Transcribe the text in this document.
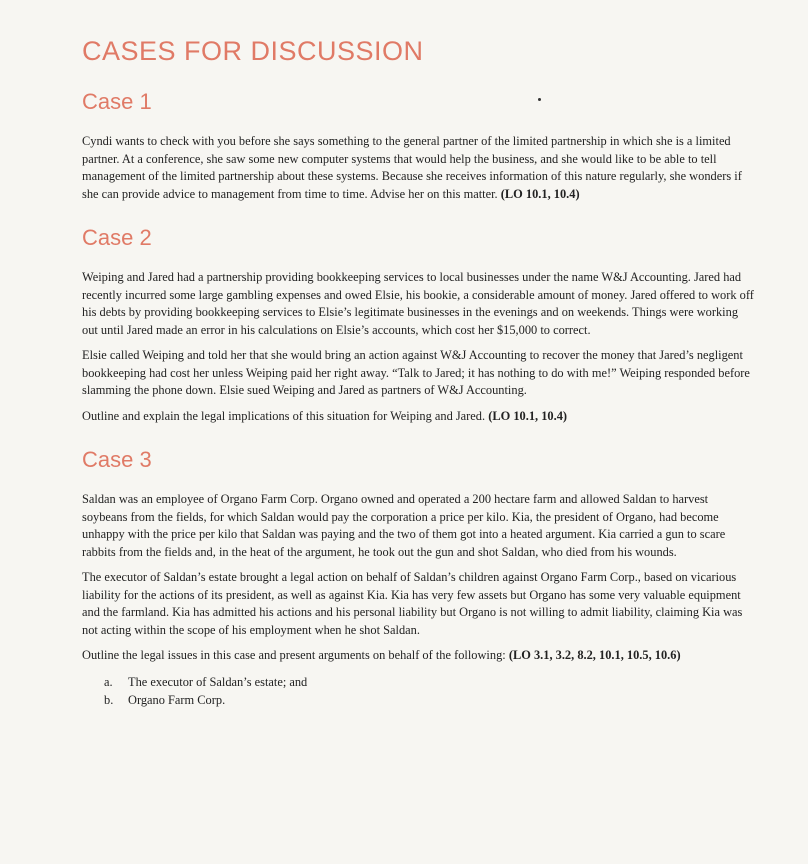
CASES FOR DISCUSSION
Case 1

Cyndi wants to check with you before she says something to the general partner of the limited partnership in which she is a limited partner. At a conference, she saw some new computer systems that would help the business, and she would like to be able to tell management of the limited partnership about these systems. Because she receives information of this nature regularly, she wonders if she can provide advice to management from time to time. Advise her on this matter. (LO 10.1, 10.4)

Case 2

Weiping and Jared had a partnership providing bookkeeping services to local businesses under the name W&J Accounting. Jared had recently incurred some large gambling expenses and owed Elsie, his bookie, a considerable amount of money. Jared offered to work off his debts by providing bookkeeping services to Elsie’s legitimate businesses in the evenings and on weekends. Things were working out until Jared made an error in his calculations on Elsie’s accounts, which cost her $15,000 to correct.

Elsie called Weiping and told her that she would bring an action against W&J Accounting to recover the money that Jared’s negligent bookkeeping had cost her unless Weiping paid her right away. “Talk to Jared; it has nothing to do with me!” Weiping responded before slamming the phone down. Elsie sued Weiping and Jared as partners of W&J Accounting.

Outline and explain the legal implications of this situation for Weiping and Jared. (LO 10.1, 10.4)

Case 3

Saldan was an employee of Organo Farm Corp. Organo owned and operated a 200 hectare farm and allowed Saldan to harvest soybeans from the fields, for which Saldan would pay the corporation a price per kilo. Kia, the president of Organo, had become unhappy with the price per kilo that Saldan was paying and the two of them got into a heated argument. Kia carried a gun to scare rabbits from the fields and, in the heat of the argument, he took out the gun and shot Saldan, who died from his wounds.

The executor of Saldan’s estate brought a legal action on behalf of Saldan’s children against Organo Farm Corp., based on vicarious liability for the actions of its president, as well as against Kia. Kia has very few assets but Organo has some very valuable equipment and the farmland. Kia has admitted his actions and his personal liability but Organo is not willing to admit liability, claiming Kia was not acting within the scope of his employment when he shot Saldan.

Outline the legal issues in this case and present arguments on behalf of the following: (LO 3.1, 3.2, 8.2, 10.1, 10.5, 10.6)

a.	The executor of Saldan’s estate; and
b.	Organo Farm Corp.
